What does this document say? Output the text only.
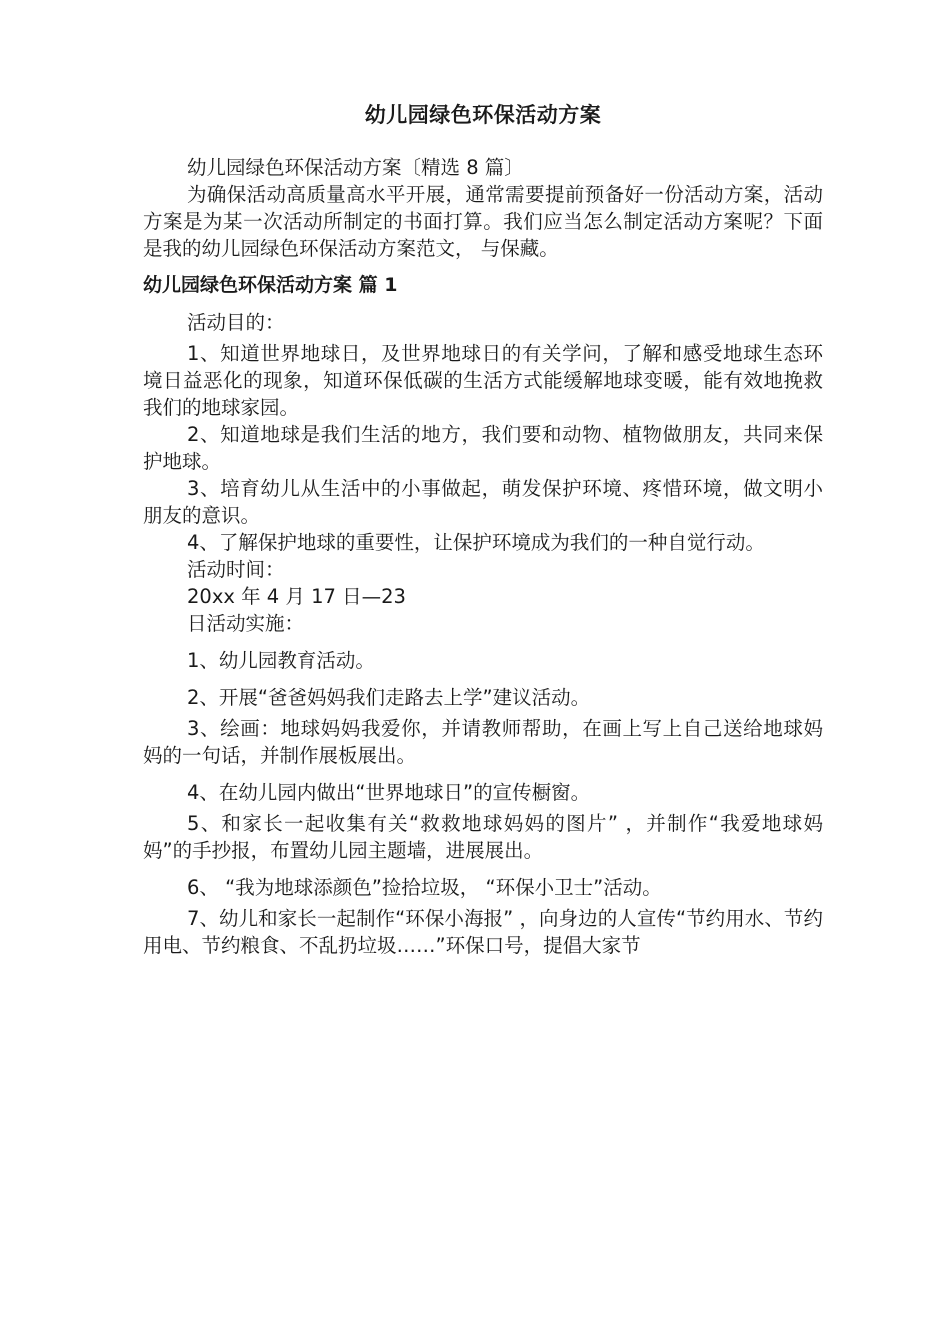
幼儿园绿色环保活动方案

幼儿园绿色环保活动方案〔精选 8 篇〕

为确保活动高质量高水平开展，通常需要提前预备好一份活动方案，活动方案是为某一次活动所制定的书面打算。我们应当怎么制定活动方案呢？下面是我的幼儿园绿色环保活动方案范文， 与保藏。

幼儿园绿色环保活动方案 篇 1

活动目的：

1、知道世界地球日，及世界地球日的有关学问，了解和感受地球生态环境日益恶化的现象，知道环保低碳的生活方式能缓解地球变暖，能有效地挽救我们的地球家园。

2、知道地球是我们生活的地方，我们要和动物、植物做朋友，共同来保护地球。

3、培育幼儿从生活中的小事做起，萌发保护环境、疼惜环境，做文明小朋友的意识。

4、了解保护地球的重要性，让保护环境成为我们的一种自觉行动。

活动时间：

20xx 年 4 月 17 日—23

日活动实施：

1、幼儿园教育活动。

2、开展“爸爸妈妈我们走路去上学”建议活动。

3、绘画：地球妈妈我爱你，并请教师帮助，在画上写上自己送给地球妈妈的一句话，并制作展板展出。

4、在幼儿园内做出“世界地球日”的宣传橱窗。

5、和家长一起收集有关“救救地球妈妈的图片” ，并制作“我爱地球妈妈”的手抄报，布置幼儿园主题墙，进展展出。

6、 “我为地球添颜色”捡拾垃圾， “环保小卫士”活动。

7、幼儿和家长一起制作“环保小海报” ，向身边的人宣传“节约用水、节约用电、节约粮食、不乱扔垃圾……”环保口号，提倡大家节
